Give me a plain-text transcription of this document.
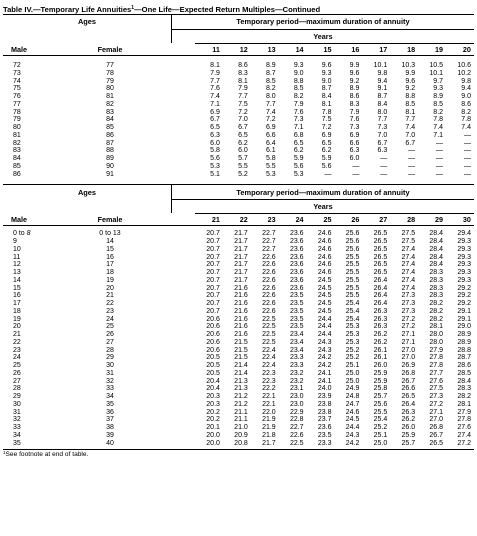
Table IV.—Temporary Life Annuities$^1$—One Life—Expected Return Multiples—Continued
Ages	Temporary period—maximum duration of annuity
Years
Male	Female	11	12	13	14	15	16	17	18	19	20
72	77		8.1	8.6	8.9	9.3	9.6	9.9	10.1	10.3	10.5	10.6
73	78		7.9	8.3	8.7	9.0	9.3	9.6	9.8	9.9	10.1	10.2
74	79		7.7	8.1	8.5	8.8	9.0	9.2	9.4	9.6	9.7	9.8
75	80		7.6	7.9	8.2	8.5	8.7	8.9	9.1	9.2	9.3	9.4
76	81		7.4	7.7	8.0	8.2	8.4	8.6	8.7	8.8	8.9	9.0
77	82		7.1	7.5	7.7	7.9	8.1	8.3	8.4	8.5	8.5	8.6
78	83		6.9	7.2	7.4	7.6	7.8	7.9	8.0	8.1	8.2	8.2
79	84		6.7	7.0	7.2	7.3	7.5	7.6	7.7	7.7	7.8	7.8
80	85		6.5	6.7	6.9	7.1	7.2	7.3	7.3	7.4	7.4	7.4
81	86		6.3	6.5	6.6	6.8	6.9	6.9	7.0	7.0	7.1	—
82	87		6.0	6.2	6.4	6.5	6.5	6.6	6.7	6.7	—	—
83	88		5.8	6.0	6.1	6.2	6.2	6.3	6.3	—	—	—
84	89		5.6	5.7	5.8	5.9	5.9	6.0	—	—	—	—
85	90		5.3	5.5	5.5	5.6	5.6	—	—	—	—	—
86	91		5.1	5.2	5.3	5.3	—	—	—	—	—	—
Ages	Temporary period—maximum duration of annuity
Years
Male	Female	21	22	23	24	25	26	27	28	29	30
0 to 8	0 to 13		20.7	21.7	22.7	23.6	24.6	25.6	26.5	27.5	28.4	29.4
9	14		20.7	21.7	22.7	23.6	24.6	25.6	26.5	27.5	28.4	29.3
10	15		20.7	21.7	22.7	23.6	24.6	25.6	26.5	27.4	28.4	29.3
11	16		20.7	21.7	22.6	23.6	24.6	25.5	26.5	27.4	28.4	29.3
12	17		20.7	21.7	22.6	23.6	24.6	25.5	26.5	27.4	28.4	29.3
13	18		20.7	21.7	22.6	23.6	24.6	25.5	26.5	27.4	28.3	29.3
14	19		20.7	21.7	22.6	23.6	24.5	25.5	26.4	27.4	28.3	29.3
15	20		20.7	21.6	22.6	23.6	24.5	25.5	26.4	27.4	28.3	29.2
16	21		20.7	21.6	22.6	23.5	24.5	25.5	26.4	27.3	28.3	29.2
17	22		20.7	21.6	22.6	23.5	24.5	25.4	26.4	27.3	28.2	29.2
18	23		20.7	21.6	22.6	23.5	24.5	25.4	26.3	27.3	28.2	29.1
19	24		20.6	21.6	22.5	23.5	24.4	25.4	26.3	27.2	28.2	29.1
20	25		20.6	21.6	22.5	23.5	24.4	25.3	26.3	27.2	28.1	29.0
21	26		20.6	21.6	22.5	23.4	24.4	25.3	26.2	27.1	28.0	28.9
22	27		20.6	21.5	22.5	23.4	24.3	25.3	26.2	27.1	28.0	28.9
23	28		20.6	21.5	22.4	23.4	24.3	25.2	26.1	27.0	27.9	28.8
24	29		20.5	21.5	22.4	23.3	24.2	25.2	26.1	27.0	27.8	28.7
25	30		20.5	21.4	22.4	23.3	24.2	25.1	26.0	26.9	27.8	28.6
26	31		20.5	21.4	22.3	23.2	24.1	25.0	25.9	26.8	27.7	28.5
27	32		20.4	21.3	22.3	23.2	24.1	25.0	25.9	26.7	27.6	28.4
28	33		20.4	21.3	22.2	23.1	24.0	24.9	25.8	26.6	27.5	28.3
29	34		20.3	21.2	22.1	23.0	23.9	24.8	25.7	26.5	27.3	28.2
30	35		20.3	21.2	22.1	23.0	23.8	24.7	25.6	26.4	27.2	28.1
31	36		20.2	21.1	22.0	22.9	23.8	24.6	25.5	26.3	27.1	27.9
32	37		20.2	21.1	21.9	22.8	23.7	24.5	25.4	26.2	27.0	27.8
33	38		20.1	21.0	21.9	22.7	23.6	24.4	25.2	26.0	26.8	27.6
34	39		20.0	20.9	21.8	22.6	23.5	24.3	25.1	25.9	26.7	27.4
35	40		20.0	20.8	21.7	22.5	23.3	24.2	25.0	25.7	26.5	27.2
$^1$See footnote at end of table.
